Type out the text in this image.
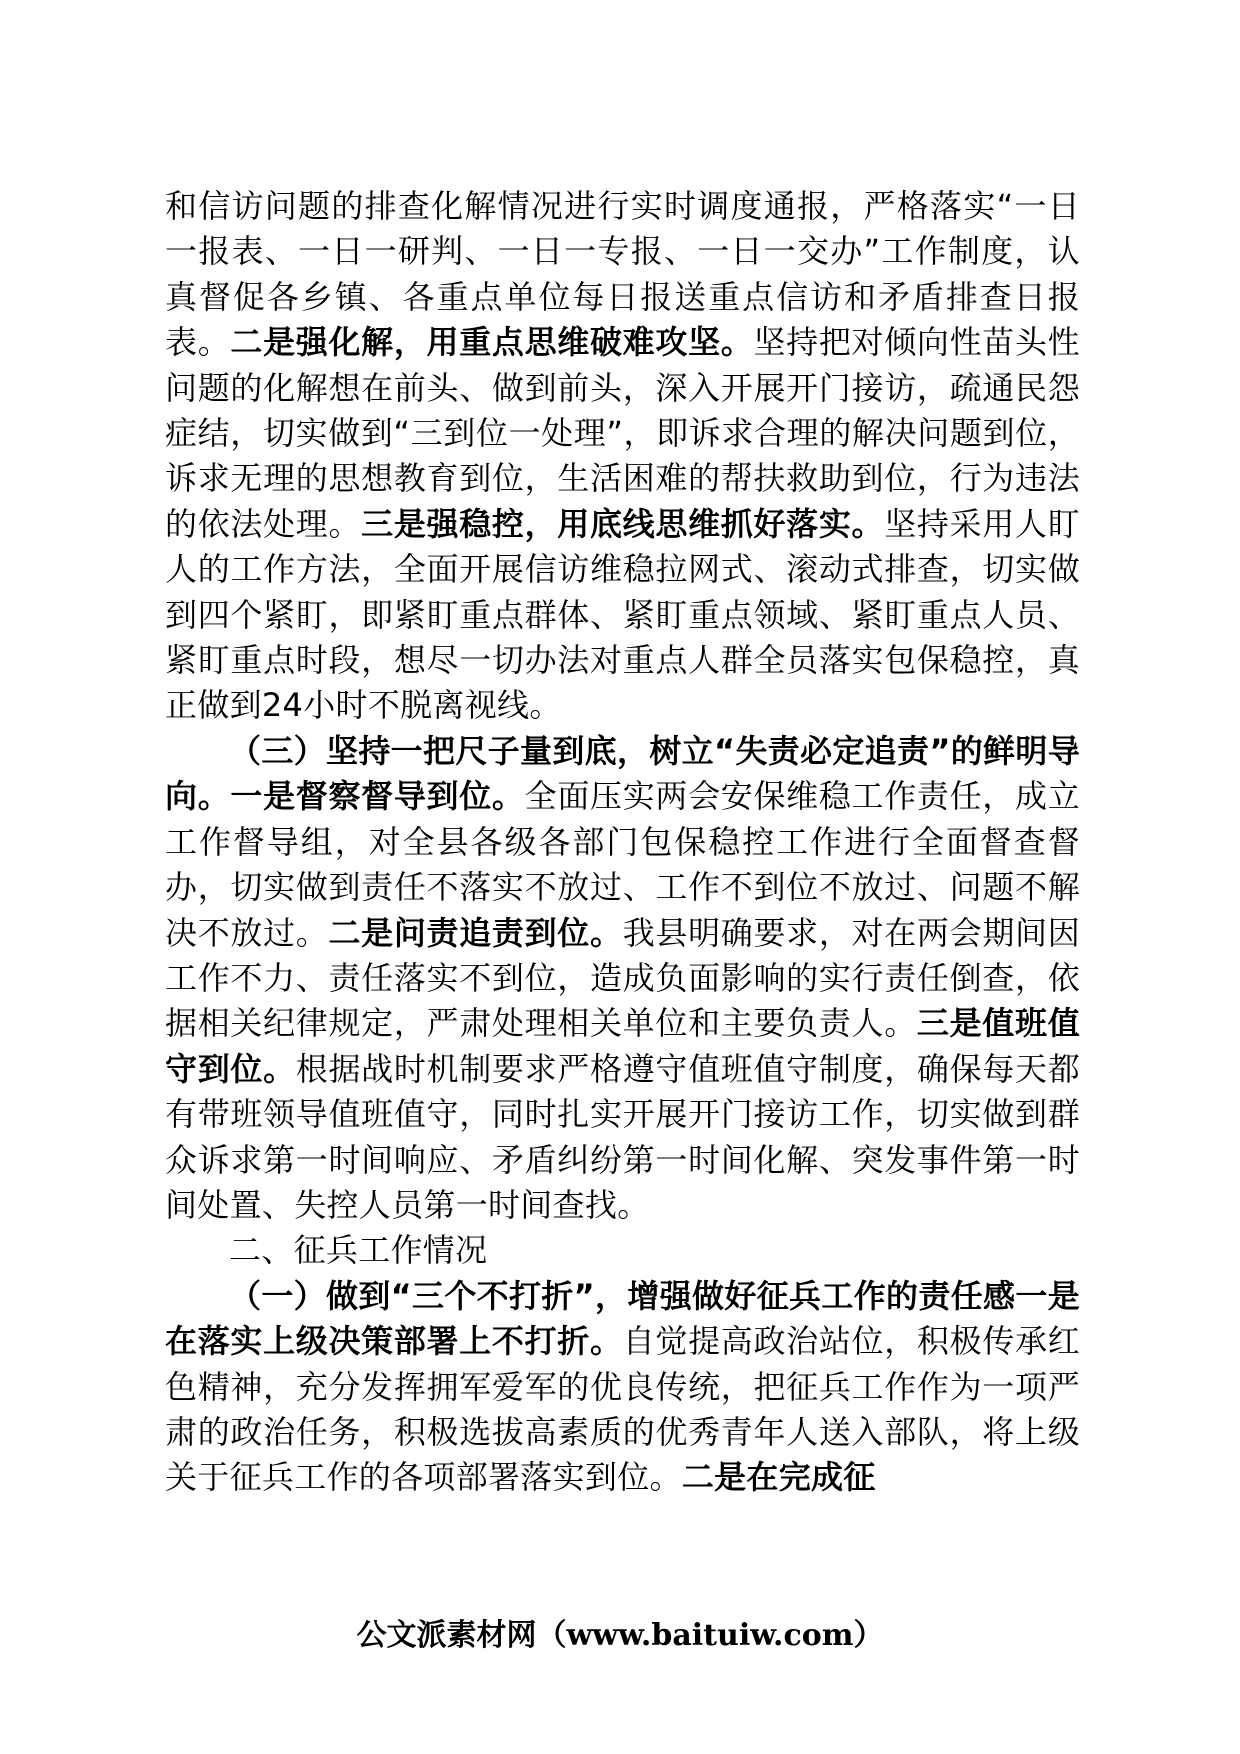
和信访问题的排查化解情况进行实时调度通报，严格落实“一日一报表、一日一研判、一日一专报、一日一交办”工作制度，认真督促各乡镇、各重点单位每日报送重点信访和矛盾排查日报表。二是强化解，用重点思维破难攻坚。坚持把对倾向性苗头性问题的化解想在前头、做到前头，深入开展开门接访，疏通民怨症结，切实做到“三到位一处理”，即诉求合理的解决问题到位，诉求无理的思想教育到位，生活困难的帮扶救助到位，行为违法的依法处理。三是强稳控，用底线思维抓好落实。坚持采用人盯人的工作方法，全面开展信访维稳拉网式、滚动式排查，切实做到四个紧盯，即紧盯重点群体、紧盯重点领域、紧盯重点人员、紧盯重点时段，想尽一切办法对重点人群全员落实包保稳控，真正做到24小时不脱离视线。

（三）坚持一把尺子量到底，树立“失责必定追责”的鲜明导向。一是督察督导到位。全面压实两会安保维稳工作责任，成立工作督导组，对全县各级各部门包保稳控工作进行全面督查督办，切实做到责任不落实不放过、工作不到位不放过、问题不解决不放过。二是问责追责到位。我县明确要求，对在两会期间因工作不力、责任落实不到位，造成负面影响的实行责任倒查，依据相关纪律规定，严肃处理相关单位和主要负责人。三是值班值守到位。根据战时机制要求严格遵守值班值守制度，确保每天都有带班领导值班值守，同时扎实开展开门接访工作，切实做到群众诉求第一时间响应、矛盾纠纷第一时间化解、突发事件第一时间处置、失控人员第一时间查找。

二、征兵工作情况

（一）做到“三个不打折”，增强做好征兵工作的责任感一是在落实上级决策部署上不打折。自觉提高政治站位，积极传承红色精神，充分发挥拥军爱军的优良传统，把征兵工作作为一项严肃的政治任务，积极选拔高素质的优秀青年人送入部队，将上级关于征兵工作的各项部署落实到位。二是在完成征

公文派素材网（www.baituiw.com）
